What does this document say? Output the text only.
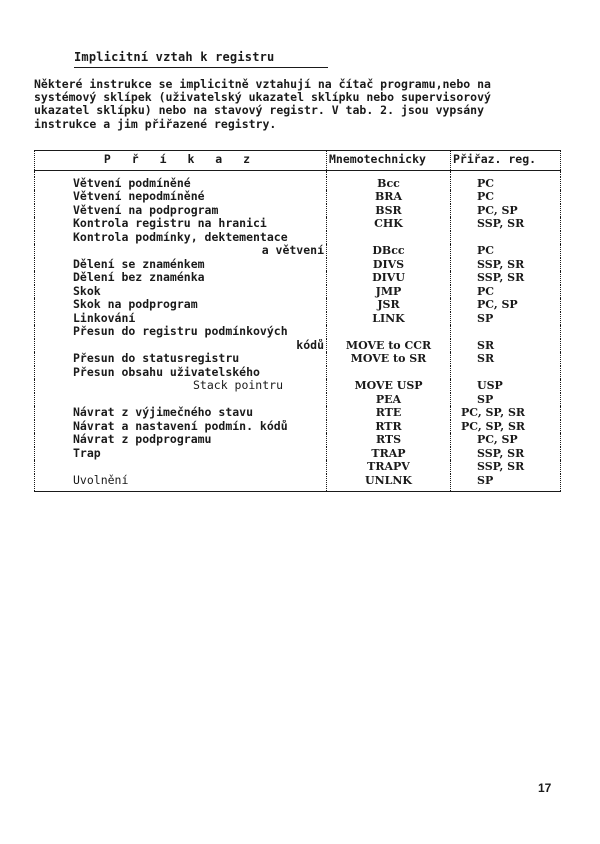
Implicitní vztah k registru
Některé instrukce se implicitně vztahují na čítač programu,nebo na
systémový sklípek (uživatelský ukazatel sklípku nebo supervisorový
ukazatel sklípku) nebo na stavový registr. V tab. 2. jsou vypsány
instrukce a jim přiřazené registry.
P ř í k a z	Mnemotechnicky	Přiřaz. reg.

Větvení podmíněné	Bcc	PC
Větvení nepodmíněné	BRA	PC
Větvení na podprogram	BSR	PC, SP
Kontrola registru na hranici	CHK	SSP, SR
Kontrola podmínky, dektementace		
a větvení	DBcc	PC
Dělení se znaménkem	DIVS	SSP, SR
Dělení bez znaménka	DIVU	SSP, SR
Skok	JMP	PC
Skok na podprogram	JSR	PC, SP
Linkování	LINK	SP
Přesun do registru podmínkových		
kódů	MOVE to CCR	SR
Přesun do statusregistru	MOVE to SR	SR
Přesun obsahu uživatelského		
Stack pointru	MOVE USP	USP
	PEA	SP
Návrat z výjimečného stavu	RTE	PC, SP, SR
Návrat a nastavení podmín. kódů	RTR	PC, SP, SR
Návrat z podprogramu	RTS	PC, SP
Trap	TRAP	SSP, SR
	TRAPV	SSP, SR
Uvolnění	UNLNK	SP
17
